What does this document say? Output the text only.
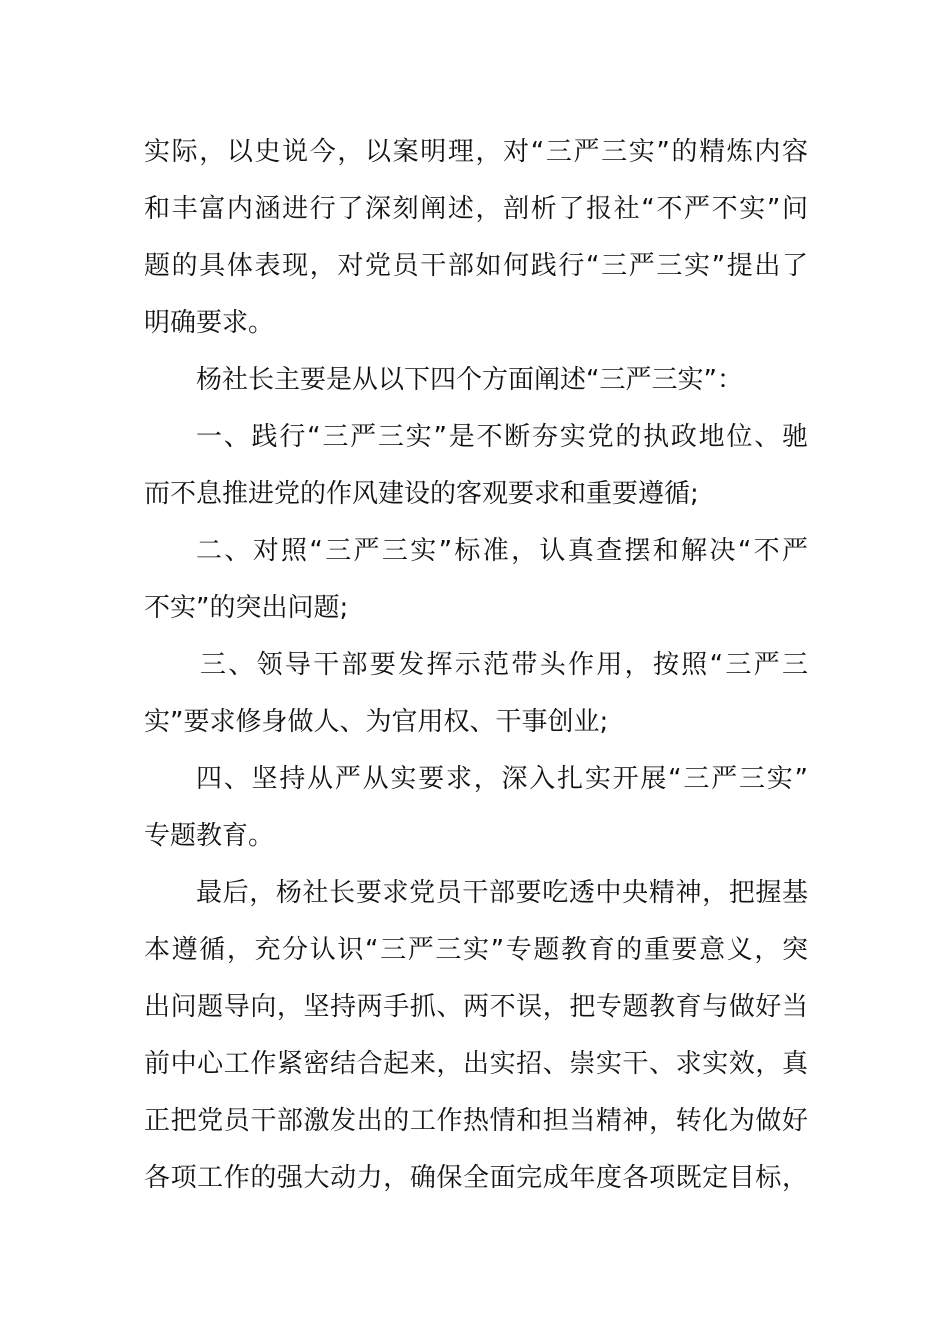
实际，以史说今，以案明理，对“三严三实”的精炼内容
和丰富内涵进行了深刻阐述，剖析了报社“不严不实”问
题的具体表现，对党员干部如何践行“三严三实”提出了
明确要求。
杨社长主要是从以下四个方面阐述“三严三实”：
一、践行“三严三实”是不断夯实党的执政地位、驰
而不息推进党的作风建设的客观要求和重要遵循;
二、对照“三严三实”标准，认真查摆和解决“不严
不实”的突出问题;
三、领导干部要发挥示范带头作用，按照“三严三
实”要求修身做人、为官用权、干事创业;
四、坚持从严从实要求，深入扎实开展“三严三实”
专题教育。
最后，杨社长要求党员干部要吃透中央精神，把握基
本遵循，充分认识“三严三实”专题教育的重要意义，突
出问题导向，坚持两手抓、两不误，把专题教育与做好当
前中心工作紧密结合起来，出实招、崇实干、求实效，真
正把党员干部激发出的工作热情和担当精神，转化为做好
各项工作的强大动力，确保全面完成年度各项既定目标，
